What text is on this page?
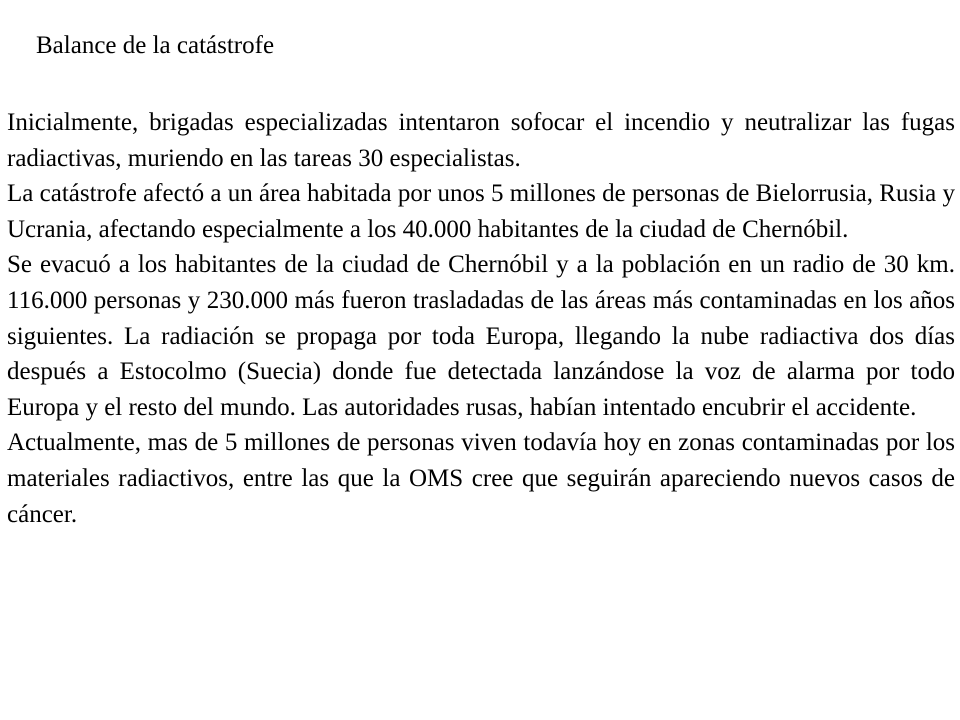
Balance de la catástrofe

Inicialmente, brigadas especializadas intentaron sofocar el incendio y neutralizar las fugas radiactivas, muriendo en las tareas 30 especialistas.

La catástrofe afectó a un área habitada por unos 5 millones de personas de Bielorrusia, Rusia y Ucrania, afectando especialmente a los 40.000 habitantes de la ciudad de Chernóbil.

Se evacuó a los habitantes de la ciudad de Chernóbil y a la población en un radio de 30 km. 116.000 personas y 230.000 más fueron trasladadas de las áreas más contaminadas en los años siguientes. La radiación se propaga por toda Europa, llegando la nube radiactiva dos días después a Estocolmo (Suecia) donde fue detectada lanzándose la voz de alarma por todo Europa y el resto del mundo. Las autoridades rusas, habían intentado encubrir el accidente.

Actualmente, mas de 5 millones de personas viven todavía hoy en zonas contaminadas por los materiales radiactivos, entre las que la OMS cree que seguirán apareciendo nuevos casos de cáncer.
